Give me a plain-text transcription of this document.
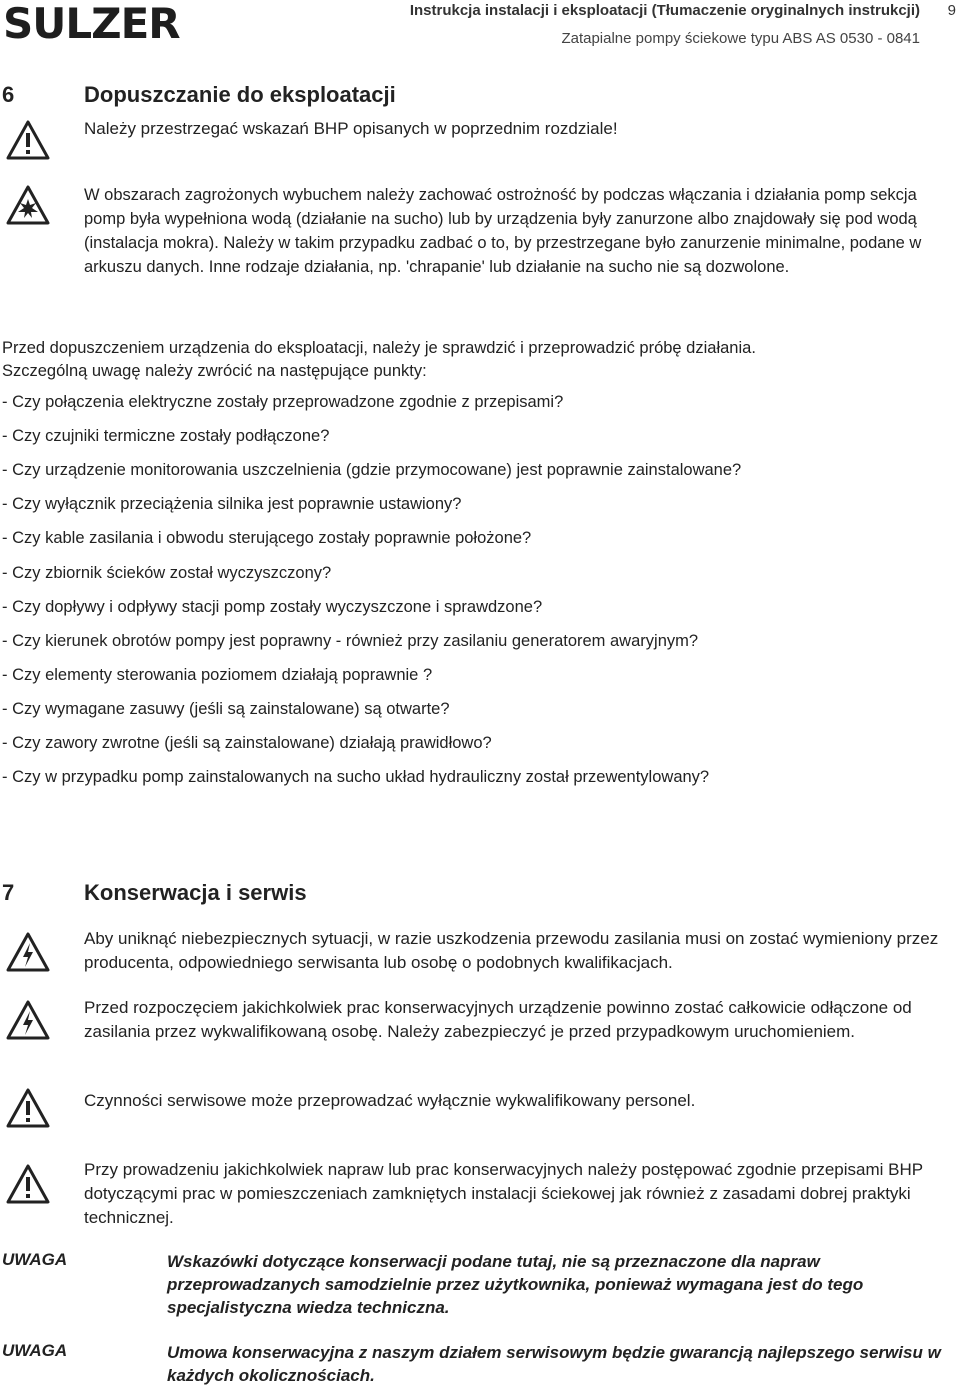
SULZER	Instrukcja instalacji i eksploatacji (Tłumaczenie oryginalnych instrukcji) 9
Zatapialne pompy ściekowe typu ABS AS 0530 - 0841
6	Dopuszczanie do eksploatacji
Należy przestrzegać wskazań BHP opisanych w poprzednim rozdziale!
W obszarach zagrożonych wybuchem należy zachować ostrożność by podczas włączania i działania pomp sekcja pomp była wypełniona wodą (działanie na sucho) lub by urządzenia były zanurzone albo znajdowały się pod wodą (instalacja mokra). Należy w takim przypadku zadbać o to, by przestrzegane było zanurzenie minimalne, podane w arkuszu danych. Inne rodzaje działania, np. 'chrapanie' lub działanie na sucho nie są dozwolone.
Przed dopuszczeniem urządzenia do eksploatacji, należy je sprawdzić i przeprowadzić próbę działania.
Szczególną uwagę należy zwrócić na następujące punkty:
- Czy połączenia elektryczne zostały przeprowadzone zgodnie z przepisami?
- Czy czujniki termiczne zostały podłączone?
- Czy urządzenie monitorowania uszczelnienia (gdzie przymocowane) jest poprawnie zainstalowane?
- Czy wyłącznik przeciążenia silnika jest poprawnie ustawiony?
- Czy kable zasilania i obwodu sterującego zostały poprawnie położone?
- Czy zbiornik ścieków został wyczyszczony?
- Czy dopływy i odpływy stacji pomp zostały wyczyszczone i sprawdzone?
- Czy kierunek obrotów pompy jest poprawny - również przy zasilaniu generatorem awaryjnym?
- Czy elementy sterowania poziomem działają poprawnie ?
- Czy wymagane zasuwy (jeśli są zainstalowane) są otwarte?
- Czy zawory zwrotne (jeśli są zainstalowane) działają prawidłowo?
- Czy w przypadku pomp zainstalowanych na sucho układ hydrauliczny został przewentylowany?
7	Konserwacja i serwis
Aby uniknąć niebezpiecznych sytuacji, w razie uszkodzenia przewodu zasilania musi on zostać wymieniony przez producenta, odpowiedniego serwisanta lub osobę o podobnych kwalifikacjach.
Przed rozpoczęciem jakichkolwiek prac konserwacyjnych urządzenie powinno zostać całkowicie odłączone od zasilania przez wykwalifikowaną osobę. Należy zabezpieczyć je przed przypadkowym uruchomieniem.
Czynności serwisowe może przeprowadzać wyłącznie wykwalifikowany personel.
Przy prowadzeniu jakichkolwiek napraw lub prac konserwacyjnych należy postępować zgodnie przepisami BHP dotyczącymi prac w pomieszczeniach zamkniętych instalacji ściekowej jak również z zasadami dobrej praktyki technicznej.
UWAGA	Wskazówki dotyczące konserwacji podane tutaj, nie są przeznaczone dla napraw przeprowadzanych samodzielnie przez użytkownika, ponieważ wymagana jest do tego specjalistyczna wiedza techniczna.
UWAGA	Umowa konserwacyjna z naszym działem serwisowym będzie gwarancją najlepszego serwisu w każdych okolicznościach.
